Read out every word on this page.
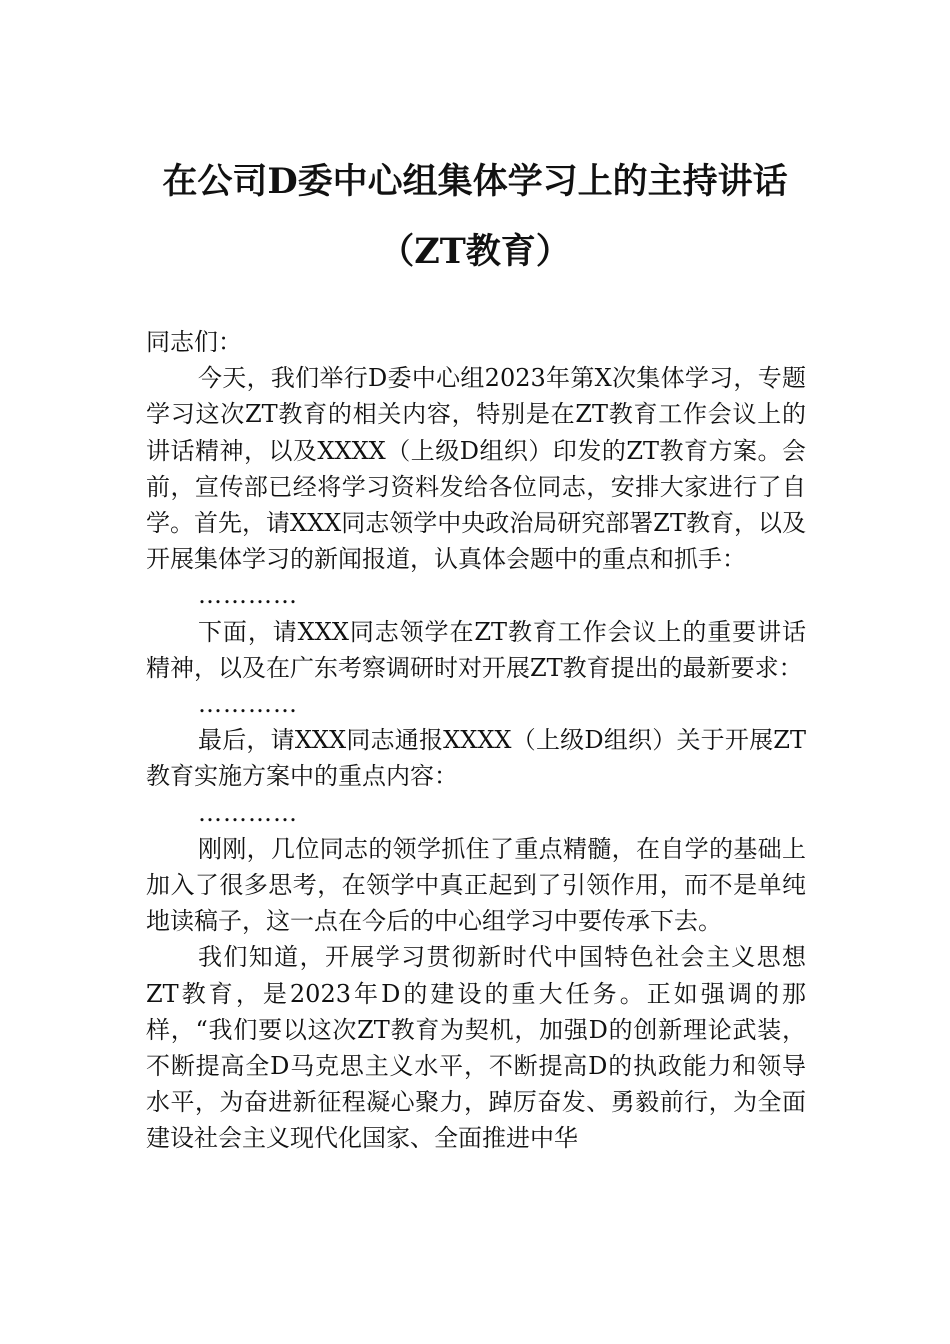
在公司D委中心组集体学习上的主持讲话
（ZT教育）

同志们：

今天，我们举行D委中心组2023年第X次集体学习，专题学习这次ZT教育的相关内容，特别是在ZT教育工作会议上的讲话精神，以及XXXX（上级D组织）印发的ZT教育方案。会前，宣传部已经将学习资料发给各位同志，安排大家进行了自学。首先，请XXX同志领学中央政治局研究部署ZT教育，以及开展集体学习的新闻报道，认真体会题中的重点和抓手：

…………

下面，请XXX同志领学在ZT教育工作会议上的重要讲话精神，以及在广东考察调研时对开展ZT教育提出的最新要求：

…………

最后，请XXX同志通报XXXX（上级D组织）关于开展ZT教育实施方案中的重点内容：

…………

刚刚，几位同志的领学抓住了重点精髓，在自学的基础上加入了很多思考，在领学中真正起到了引领作用，而不是单纯地读稿子，这一点在今后的中心组学习中要传承下去。

我们知道，开展学习贯彻新时代中国特色社会主义思想ZT教育，是2023年D的建设的重大任务。正如强调的那样，“我们要以这次ZT教育为契机，加强D的创新理论武装，不断提高全D马克思主义水平，不断提高D的执政能力和领导水平，为奋进新征程凝心聚力，踔厉奋发、勇毅前行，为全面建设社会主义现代化国家、全面推进中华
